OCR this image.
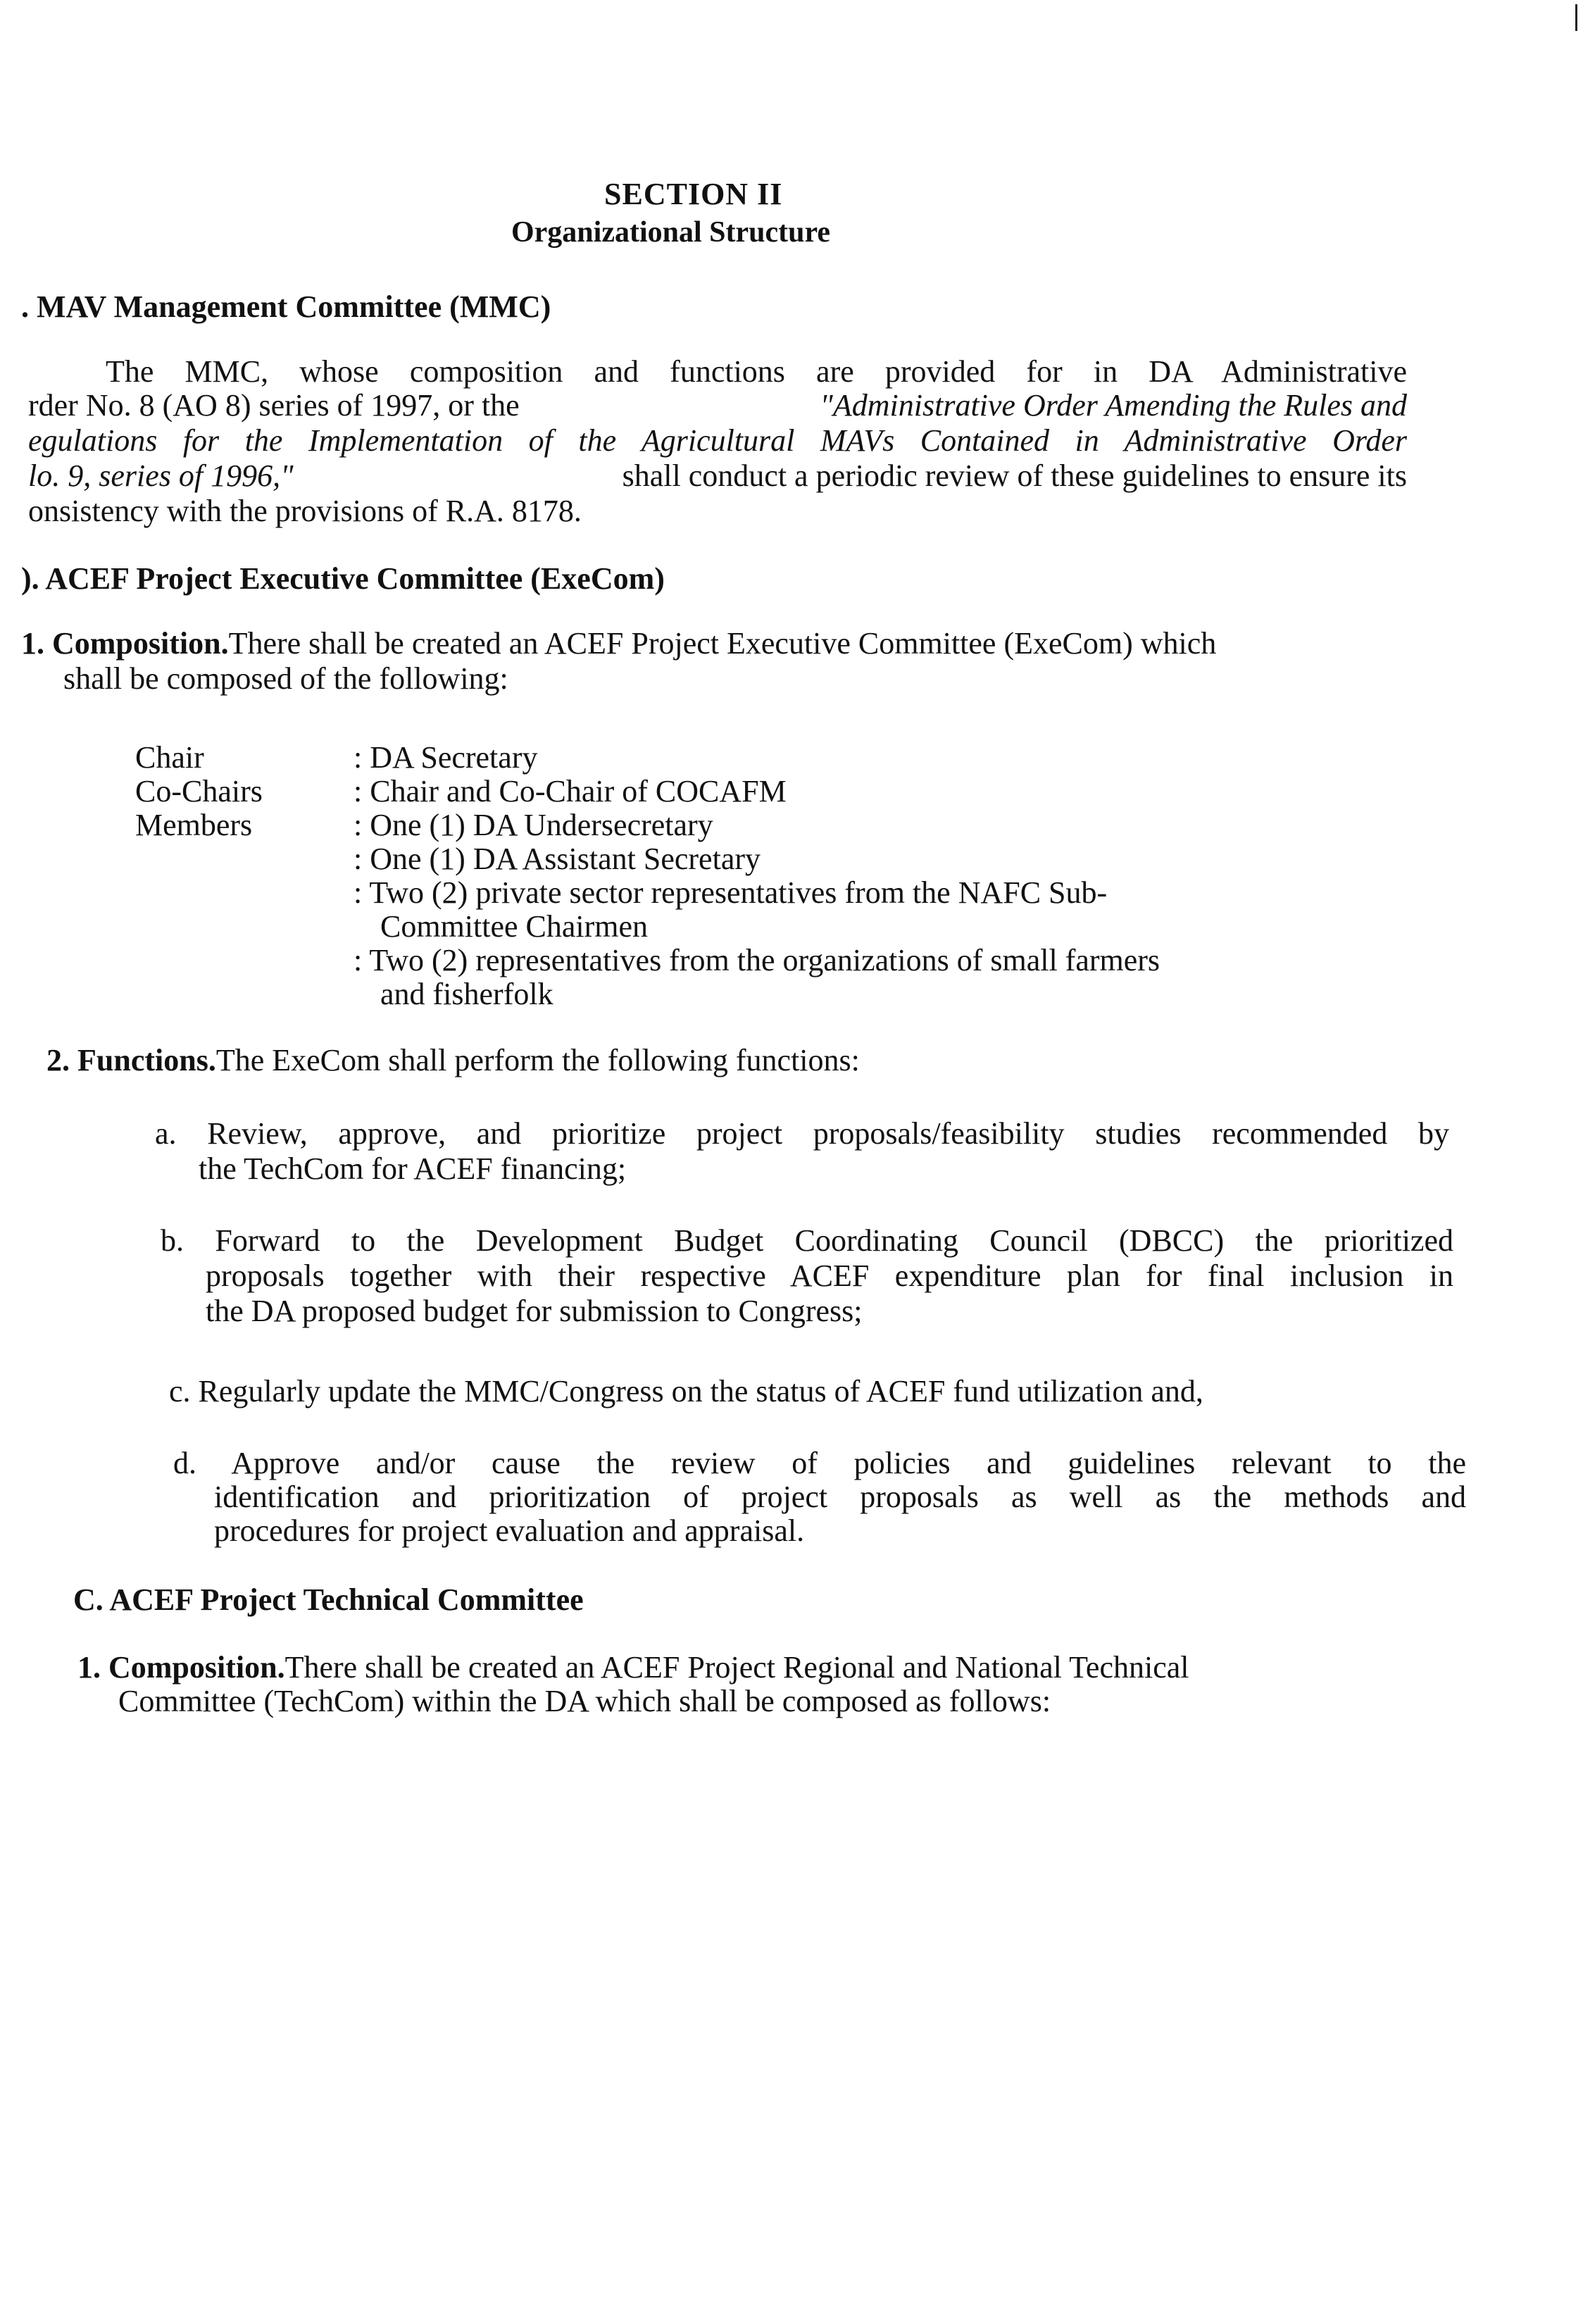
SECTION II
Organizational Structure
. MAV Management Committee (MMC)
The MMC, whose composition and functions are provided for in DA Administrative
rder No. 8 (AO 8) series of 1997, or the	"Administrative Order Amending the Rules and
egulations for the Implementation of the Agricultural MAVs Contained in Administrative Order
lo. 9, series of 1996,"	shall conduct a periodic review of these guidelines to ensure its
onsistency with the provisions of R.A. 8178.
). ACEF Project Executive Committee (ExeCom)
1. Composition. There shall be created an ACEF Project Executive Committee (ExeCom) which
shall be composed of the following:
Chair	: DA Secretary
Co-Chairs	: Chair and Co-Chair of COCAFM
Members	: One (1) DA Undersecretary
: One (1) DA Assistant Secretary
: Two (2) private sector representatives from the NAFC Sub-
Committee Chairmen
: Two (2) representatives from the organizations of small farmers
and fisherfolk
2. Functions. The ExeCom shall perform the following functions:
a. Review, approve, and prioritize project proposals/feasibility studies recommended by
the TechCom for ACEF financing;
b. Forward to the Development Budget Coordinating Council (DBCC) the prioritized
proposals together with their respective ACEF expenditure plan for final inclusion in
the DA proposed budget for submission to Congress;
c. Regularly update the MMC/Congress on the status of ACEF fund utilization and,
d. Approve and/or cause the review of policies and guidelines relevant to the
identification and prioritization of project proposals as well as the methods and
procedures for project evaluation and appraisal.
C. ACEF Project Technical Committee
1. Composition. There shall be created an ACEF Project Regional and National Technical
Committee (TechCom) within the DA which shall be composed as follows:
